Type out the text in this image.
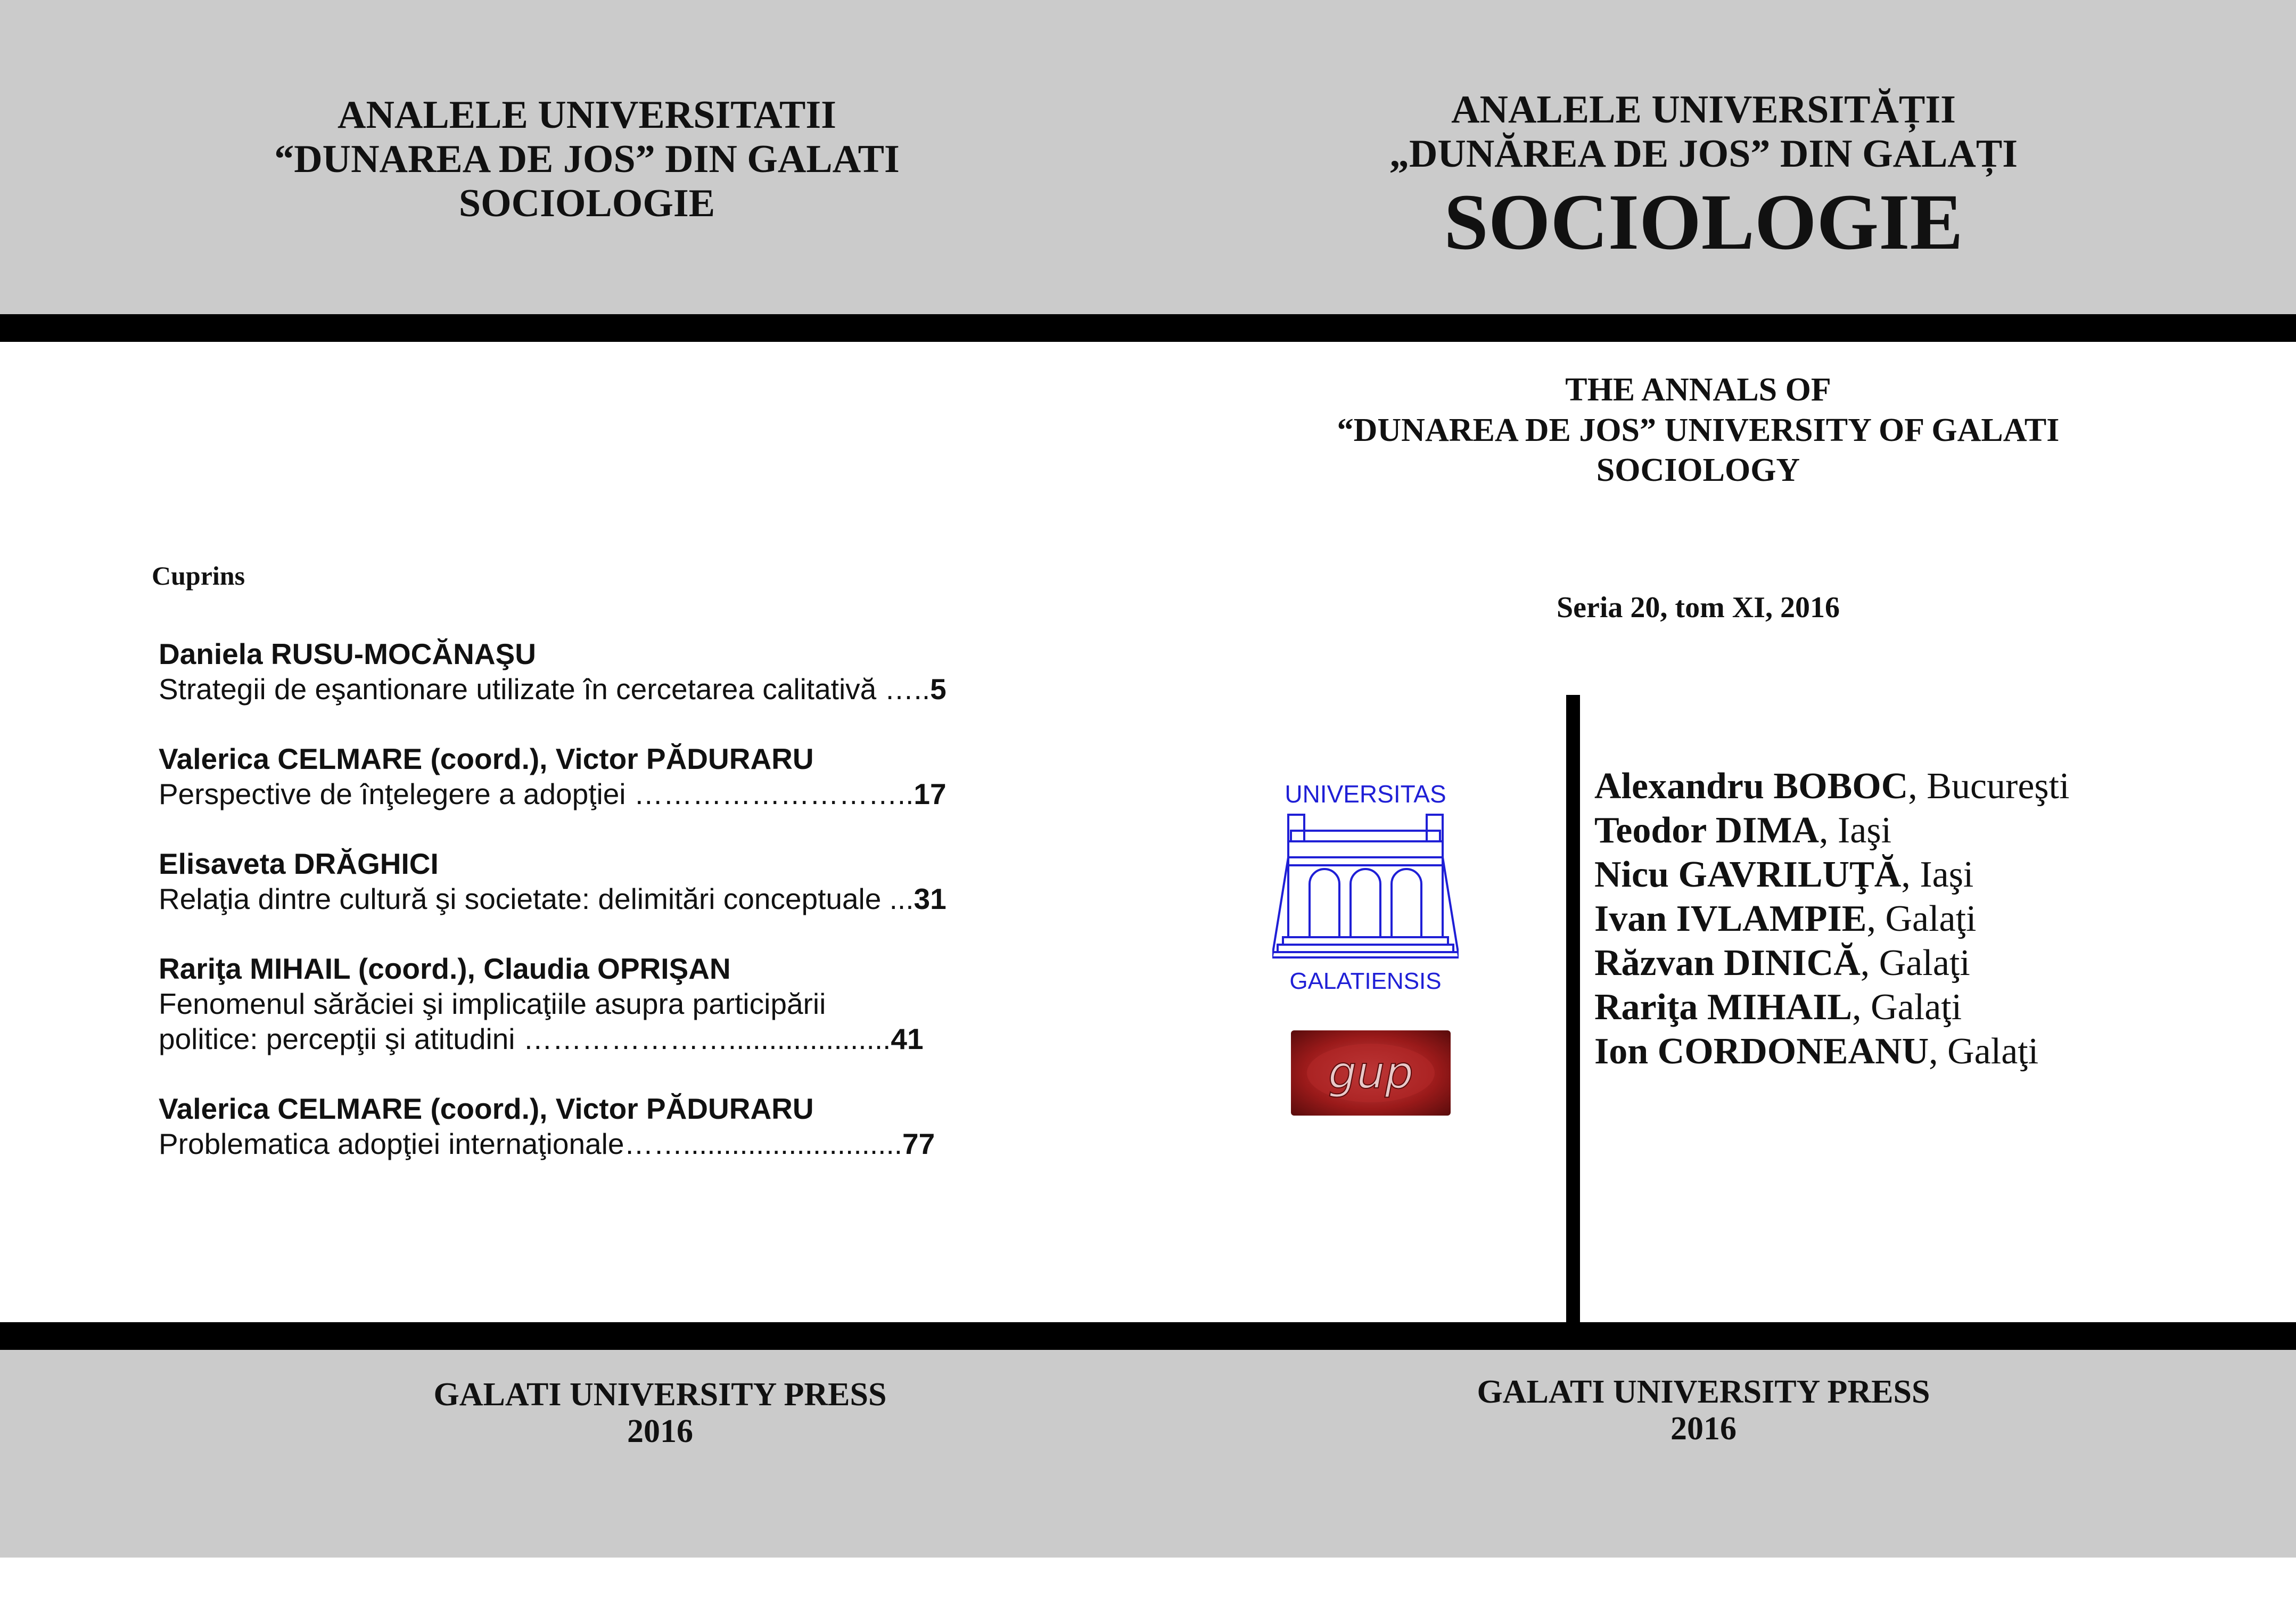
ANALELE UNIVERSITATII
“DUNAREA DE JOS” DIN GALATI
SOCIOLOGIE
ANALELE UNIVERSITĂȚII
„DUNĂREA DE JOS” DIN GALAȚI
SOCIOLOGIE
THE ANNALS OF
“DUNAREA DE JOS” UNIVERSITY OF GALATI
SOCIOLOGY
Seria 20, tom XI, 2016
Cuprins
Daniela RUSU-MOCĂNAŞU
Strategii de eşantionare utilizate în cercetarea calitativă …..5
Valerica CELMARE (coord.), Victor PĂDURARU
Perspective de înţelegere a adopţiei ………………………..17
Elisaveta DRĂGHICI
Relaţia dintre cultură şi societate: delimitări conceptuale ...31
Rariţa MIHAIL (coord.), Claudia OPRIŞAN
Fenomenul sărăciei şi implicaţiile asupra participării
politice: percepţii şi atitudini …………………....................41
Valerica CELMARE (coord.), Victor PĂDURARU
Problematica adopţiei internaţionale……...........................77
UNIVERSITAS
GALATIENSIS
gup
Alexandru BOBOC, Bucureşti
Teodor DIMA, Iaşi
Nicu GAVRILUŢĂ, Iaşi
Ivan IVLAMPIE, Galaţi
Răzvan DINICĂ, Galaţi
Rariţa MIHAIL, Galaţi
Ion CORDONEANU, Galaţi
GALATI UNIVERSITY PRESS
2016
GALATI UNIVERSITY PRESS
2016
